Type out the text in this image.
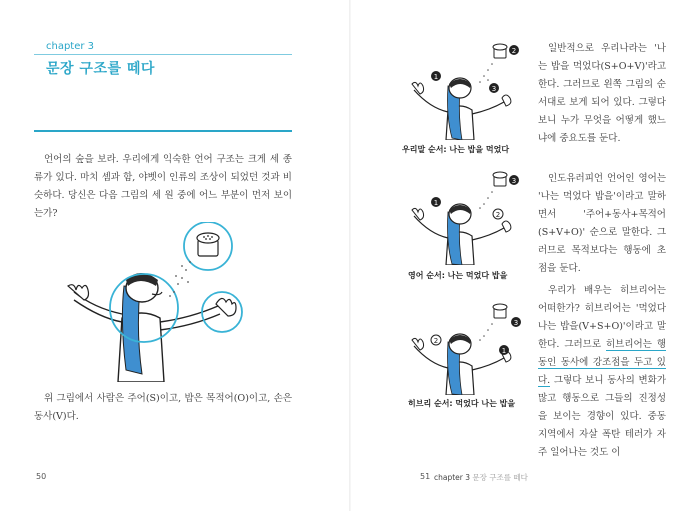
chapter 3
문장 구조를 떼다
언어의 숲을 보라. 우리에게 익숙한 언어 구조는 크게 세 종류가 있다. 마치 셈과 함, 야벳이 인류의 조상이 되었던 것과 비슷하다. 당신은 다음 그림의 세 원 중에 어느 부분이 먼저 보이는가?
위 그림에서 사람은 주어(S)이고, 밥은 목적어(O)이고, 손은 동사(V)다.
50
2
1
3
우리말 순서: 나는 밥을 먹었다
3
1
2
영어 순서: 나는 먹었다 밥을
2
3
1
히브리 순서: 먹었다 나는 밥을
일반적으로 우리나라는 '나는 밥을 먹었다(S+O+V)'라고 한다. 그러므로 왼쪽 그림의 순서대로 보게 되어 있다. 그렇다 보니 누가 무엇을 어떻게 했느냐에 중요도를 둔다.
인도유러피언 언어인 영어는 '나는 먹었다 밥을'이라고 말하면서 '주어+동사+목적어(S+V+O)' 순으로 말한다. 그러므로 목적보다는 행동에 초점을 둔다.
우리가 배우는 히브리어는 어떠한가? 히브리어는 '먹었다 나는 밥을(V+S+O)'이라고 말한다. 그러므로 히브리어는 행동인 동사에 강조점을 두고 있다. 그렇다 보니 동사의 변화가 많고 행동으로 그들의 진정성을 보이는 경향이 있다. 중동 지역에서 자살 폭탄 테러가 자주 일어나는 것도 이
51 chapter 3 문장 구조를 떼다
